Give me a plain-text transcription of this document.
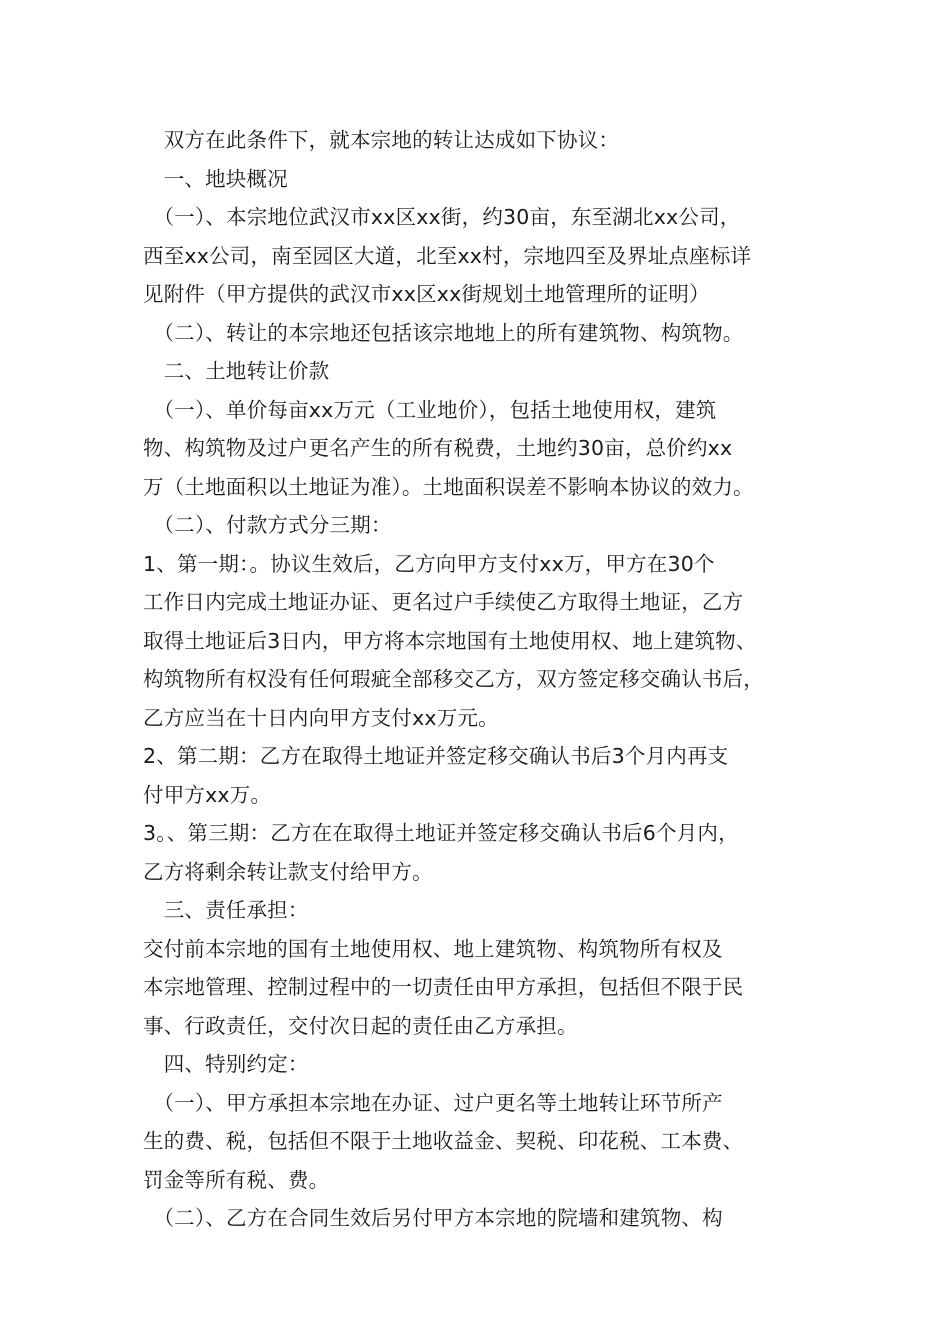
　双方在此条件下，就本宗地的转让达成如下协议：
　一、地块概况
　（一）、本宗地位武汉市xx区xx街，约30亩，东至湖北xx公司，
西至xx公司，南至园区大道，北至xx村，宗地四至及界址点座标详
见附件（甲方提供的武汉市xx区xx街规划土地管理所的证明）
　（二）、转让的本宗地还包括该宗地地上的所有建筑物、构筑物。
　二、土地转让价款
　（一）、单价每亩xx万元（工业地价），包括土地使用权，建筑
物、构筑物及过户更名产生的所有税费，土地约30亩，总价约xx
万（土地面积以土地证为准）。土地面积误差不影响本协议的效力。
　（二）、付款方式分三期：
1、第一期：。协议生效后，乙方向甲方支付xx万，甲方在30个
工作日内完成土地证办证、更名过户手续使乙方取得土地证，乙方
取得土地证后3日内，甲方将本宗地国有土地使用权、地上建筑物、
构筑物所有权没有任何瑕疵全部移交乙方，双方签定移交确认书后，
乙方应当在十日内向甲方支付xx万元。
2、第二期：乙方在取得土地证并签定移交确认书后3个月内再支
付甲方xx万。
3。、第三期：乙方在在取得土地证并签定移交确认书后6个月内，
乙方将剩余转让款支付给甲方。
　三、责任承担：
交付前本宗地的国有土地使用权、地上建筑物、构筑物所有权及
本宗地管理、控制过程中的一切责任由甲方承担，包括但不限于民
事、行政责任，交付次日起的责任由乙方承担。
　四、特别约定：
　（一）、甲方承担本宗地在办证、过户更名等土地转让环节所产
生的费、税，包括但不限于土地收益金、契税、印花税、工本费、
罚金等所有税、费。
　（二）、乙方在合同生效后另付甲方本宗地的院墙和建筑物、构
